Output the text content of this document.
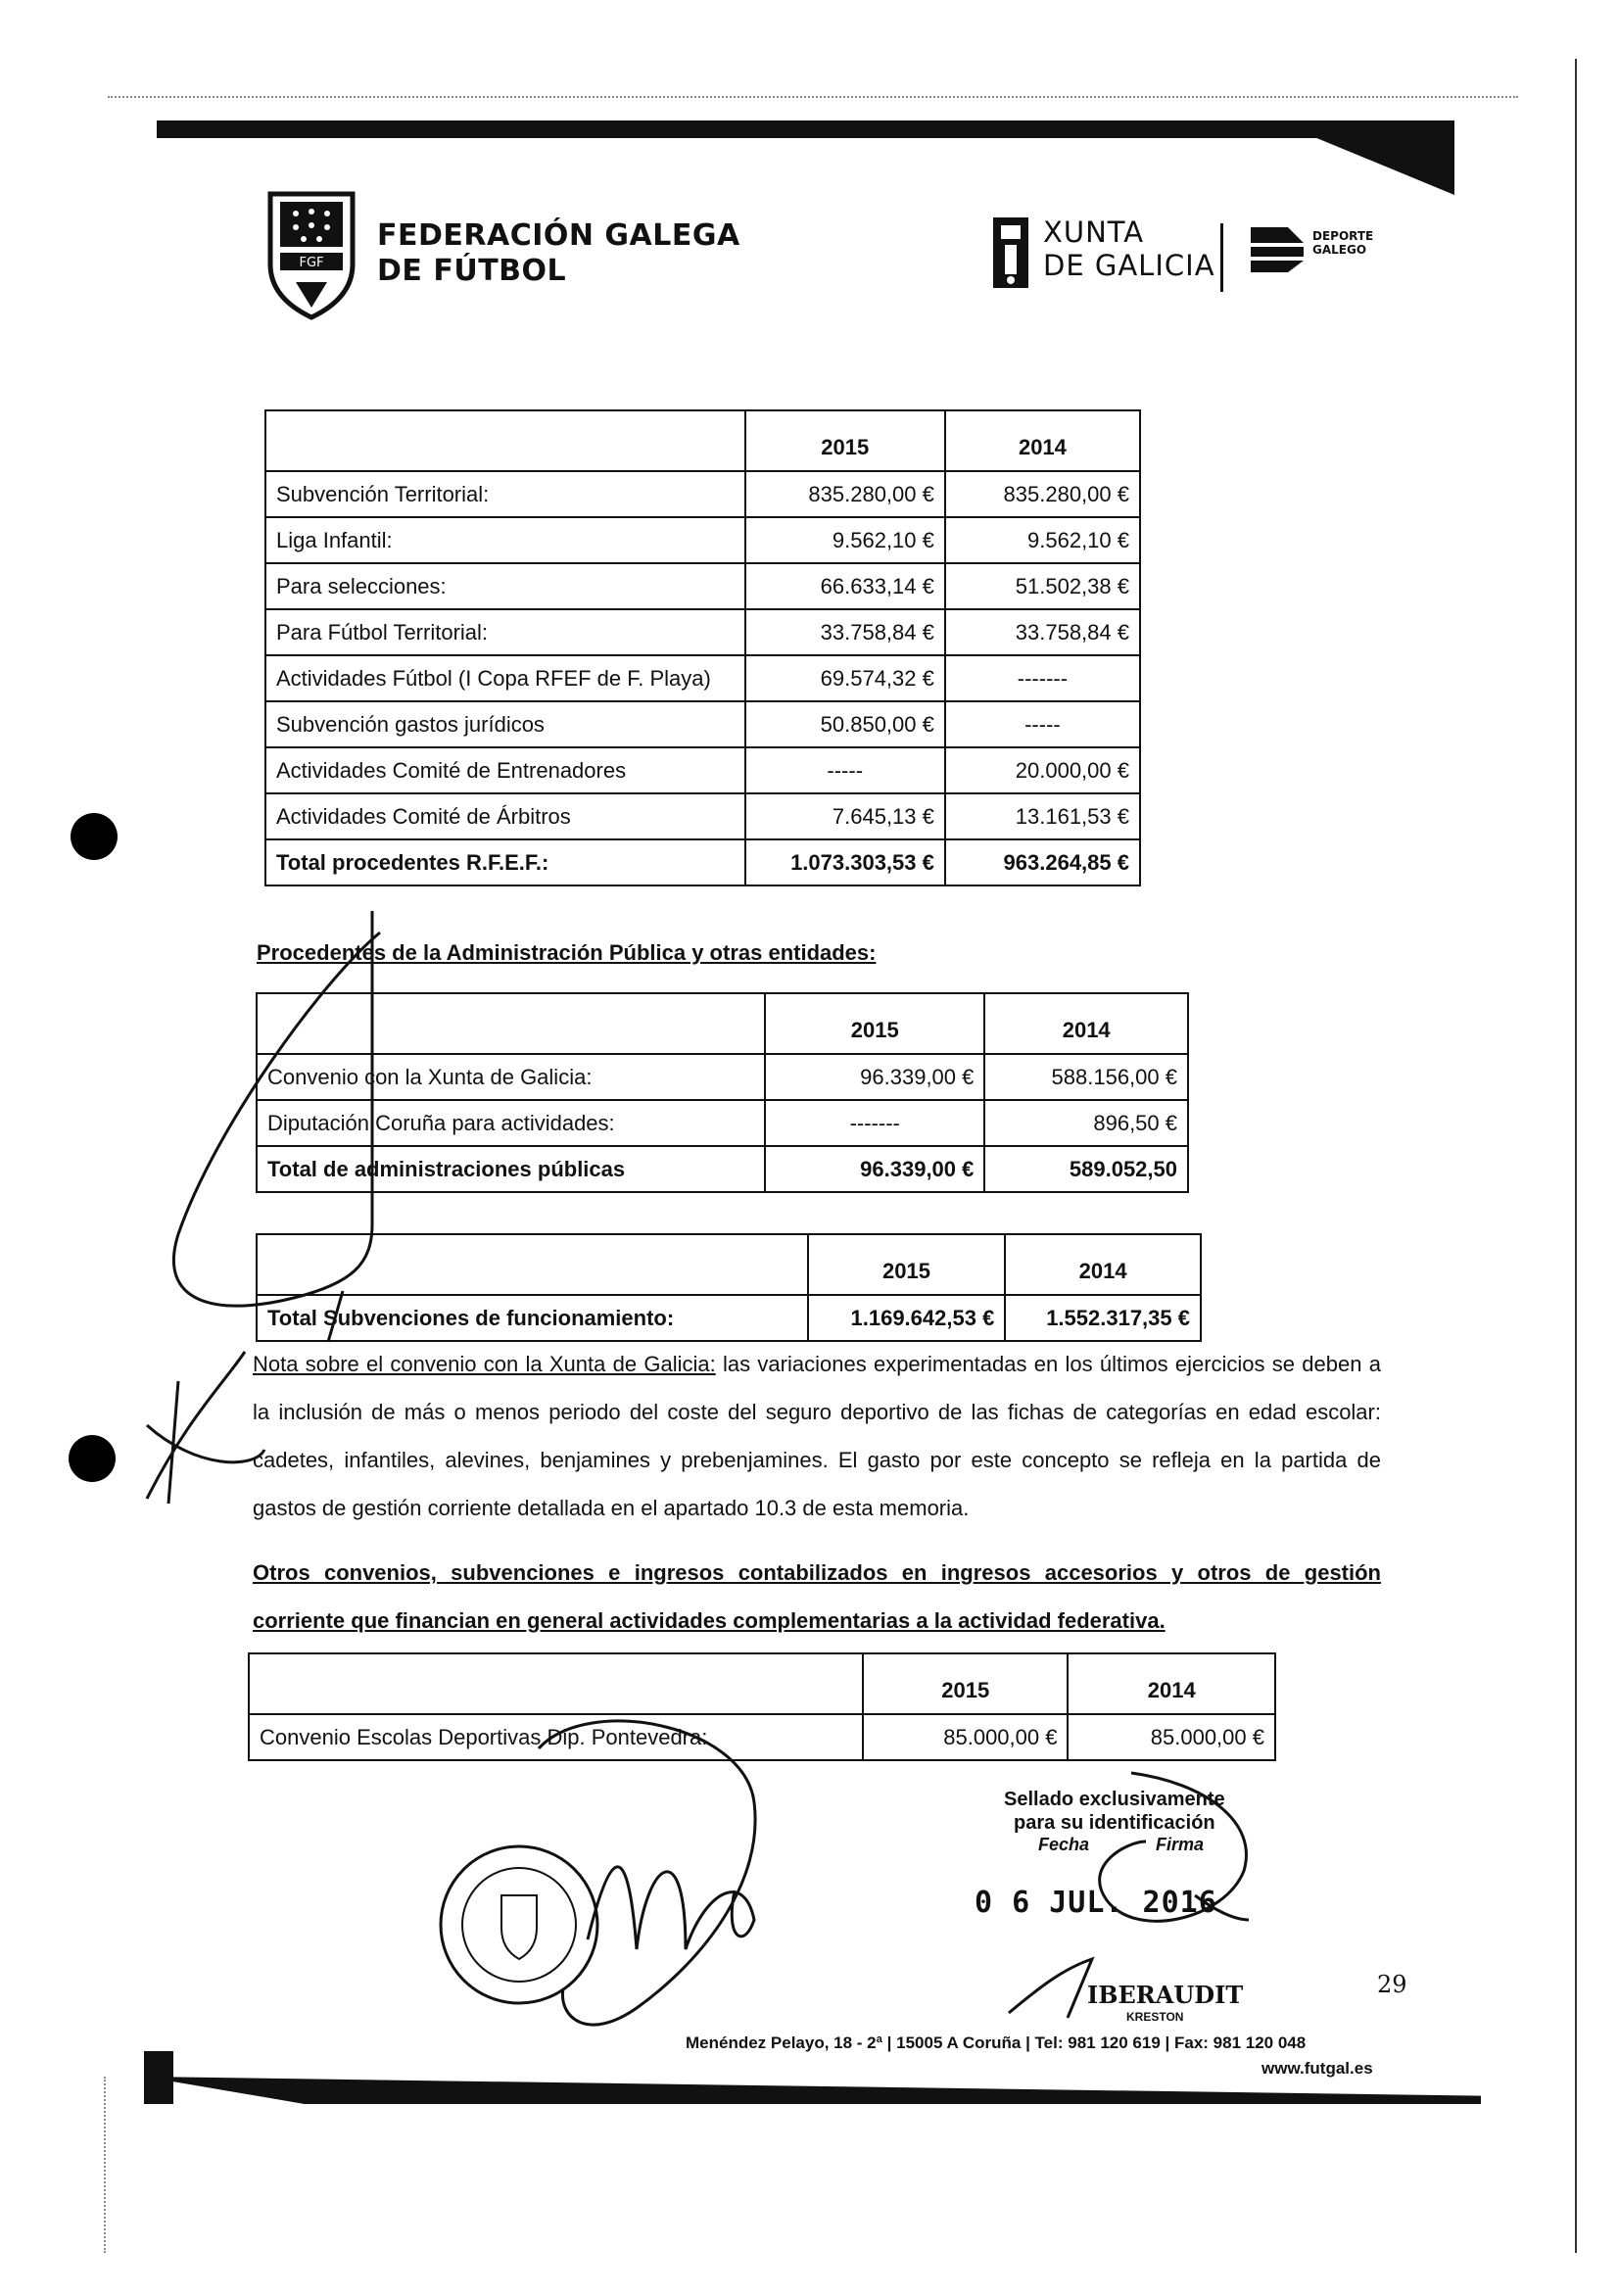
FGF
FEDERACIÓN GALEGA
DE FÚTBOL
XUNTA
DE GALICIA
DEPORTE
GALEGO
	2015	2014
Subvención Territorial:	835.280,00 €	835.280,00 €
Liga Infantil:	9.562,10 €	9.562,10 €
Para selecciones:	66.633,14 €	51.502,38 €
Para Fútbol Territorial:	33.758,84 €	33.758,84 €
Actividades Fútbol (I Copa RFEF de F. Playa)	69.574,32 €	-------
Subvención gastos jurídicos	50.850,00 €	-----
Actividades Comité de Entrenadores	-----	20.000,00 €
Actividades Comité de Árbitros	7.645,13 €	13.161,53 €
Total procedentes R.F.E.F.:	1.073.303,53 €	963.264,85 €
Procedentes de la Administración Pública y otras entidades:
	2015	2014
Convenio con la Xunta de Galicia:	96.339,00 €	588.156,00 €
Diputación Coruña para actividades:	-------	896,50 €
Total de administraciones públicas	96.339,00 €	589.052,50
	2015	2014
Total Subvenciones de funcionamiento:	1.169.642,53 €	1.552.317,35 €
Nota sobre el convenio con la Xunta de Galicia: las variaciones experimentadas en los últimos ejercicios se deben a la inclusión de más o menos periodo del coste del seguro deportivo de las fichas de categorías en edad escolar: cadetes, infantiles, alevines, benjamines y prebenjamines. El gasto por este concepto se refleja en la partida de gastos de gestión corriente detallada en el apartado 10.3 de esta memoria.
Otros convenios, subvenciones e ingresos contabilizados en ingresos accesorios y otros de gestión corriente que financian en general actividades complementarias a la actividad federativa.
	2015	2014
Convenio Escolas Deportivas Dip. Pontevedra:	85.000,00 €	85.000,00 €
Sellado exclusivamente
para su identificación
Fecha	Firma
0 6 JUL. 2016
IBERAUDIT
KRESTON
29
Menéndez Pelayo, 18 - 2ª | 15005 A Coruña | Tel: 981 120 619 | Fax: 981 120 048
www.futgal.es
